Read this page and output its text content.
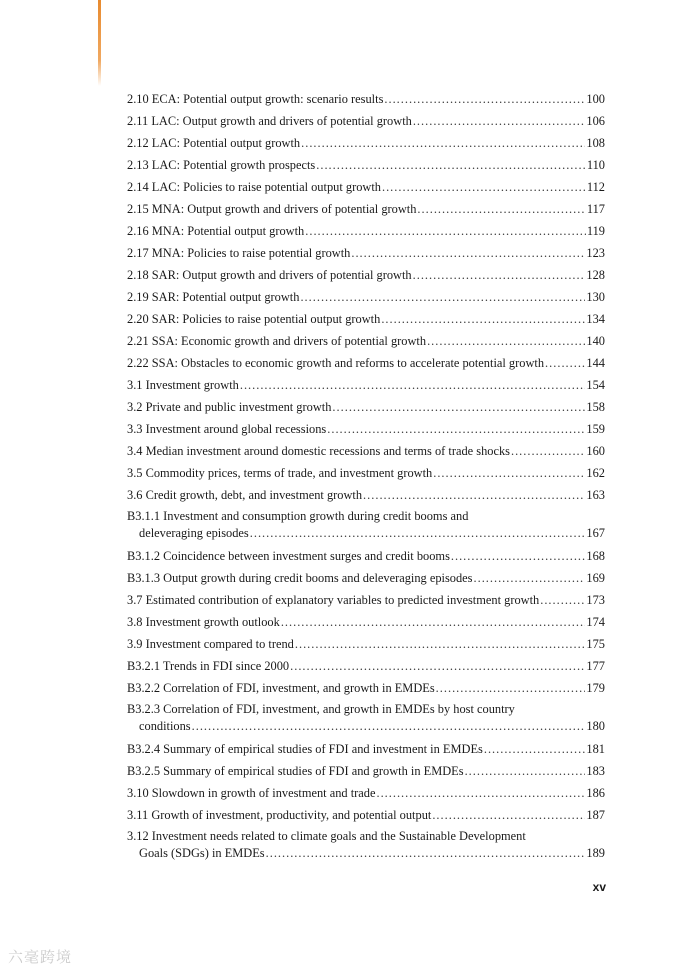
2.10 ECA: Potential output growth: scenario results .....	100
2.11 LAC: Output growth and drivers of potential growth .....	106
2.12 LAC: Potential output growth .....	108
2.13 LAC: Potential growth prospects .....	110
2.14 LAC: Policies to raise potential output growth .....	112
2.15 MNA: Output growth and drivers of potential growth .....	117
2.16 MNA: Potential output growth .....	119
2.17 MNA: Policies to raise potential growth .....	123
2.18 SAR: Output growth and drivers of potential growth .....	128
2.19 SAR: Potential output growth .....	130
2.20 SAR: Policies to raise potential output growth .....	134
2.21 SSA: Economic growth and drivers of potential growth .....	140
2.22 SSA: Obstacles to economic growth and reforms to accelerate potential growth .....	144
3.1 Investment growth .....	154
3.2 Private and public investment growth .....	158
3.3 Investment around global recessions .....	159
3.4 Median investment around domestic recessions and terms of trade shocks .....	160
3.5 Commodity prices, terms of trade, and investment growth .....	162
3.6 Credit growth, debt, and investment growth .....	163
B3.1.1 Investment and consumption growth during credit booms and
deleveraging episodes .....	167
B3.1.2 Coincidence between investment surges and credit booms .....	168
B3.1.3 Output growth during credit booms and deleveraging episodes .....	169
3.7 Estimated contribution of explanatory variables to predicted investment growth .....	173
3.8 Investment growth outlook .....	174
3.9 Investment compared to trend .....	175
B3.2.1 Trends in FDI since 2000 .....	177
B3.2.2 Correlation of FDI, investment, and growth in EMDEs .....	179
B3.2.3 Correlation of FDI, investment, and growth in EMDEs by host country
conditions .....	180
B3.2.4 Summary of empirical studies of FDI and investment in EMDEs .....	181
B3.2.5 Summary of empirical studies of FDI and growth in EMDEs .....	183
3.10 Slowdown in growth of investment and trade .....	186
3.11 Growth of investment, productivity, and potential output .....	187
3.12 Investment needs related to climate goals and the Sustainable Development
Goals (SDGs) in EMDEs .....	189
xv
六毫跨境
